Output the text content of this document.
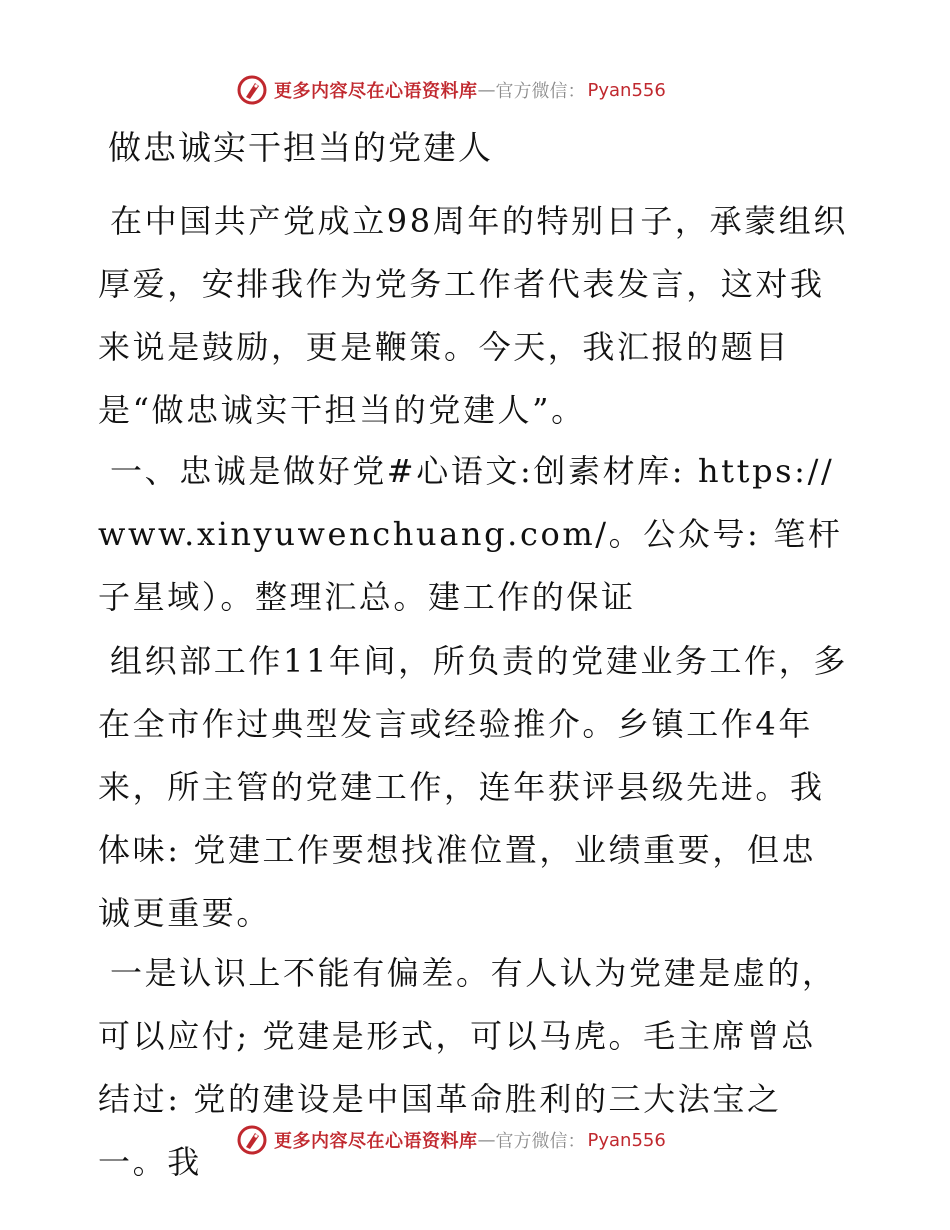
更多内容尽在心语资料库 — 官方微信： Pyan556
做忠诚实干担当的党建人

在中国共产党成立98周年的特别日子，承蒙组织厚爱，安排我作为党务工作者代表发言，这对我来说是鼓励，更是鞭策。今天，我汇报的题目是“做忠诚实干担当的党建人”。

一、忠诚是做好党#心语文:创素材库: https://www.xinyuwenchuang.com/。公众号: 笔杆子星域）。整理汇总。建工作的保证

组织部工作11年间，所负责的党建业务工作，多在全市作过典型发言或经验推介。乡镇工作4年来，所主管的党建工作，连年获评县级先进。我体味: 党建工作要想找准位置，业绩重要，但忠诚更重要。

一是认识上不能有偏差。有人认为党建是虚的，可以应付; 党建是形式，可以马虎。毛主席曾总结过: 党的建设是中国革命胜利的三大法宝之一。我

更多内容尽在心语资料库 — 官方微信： Pyan556
